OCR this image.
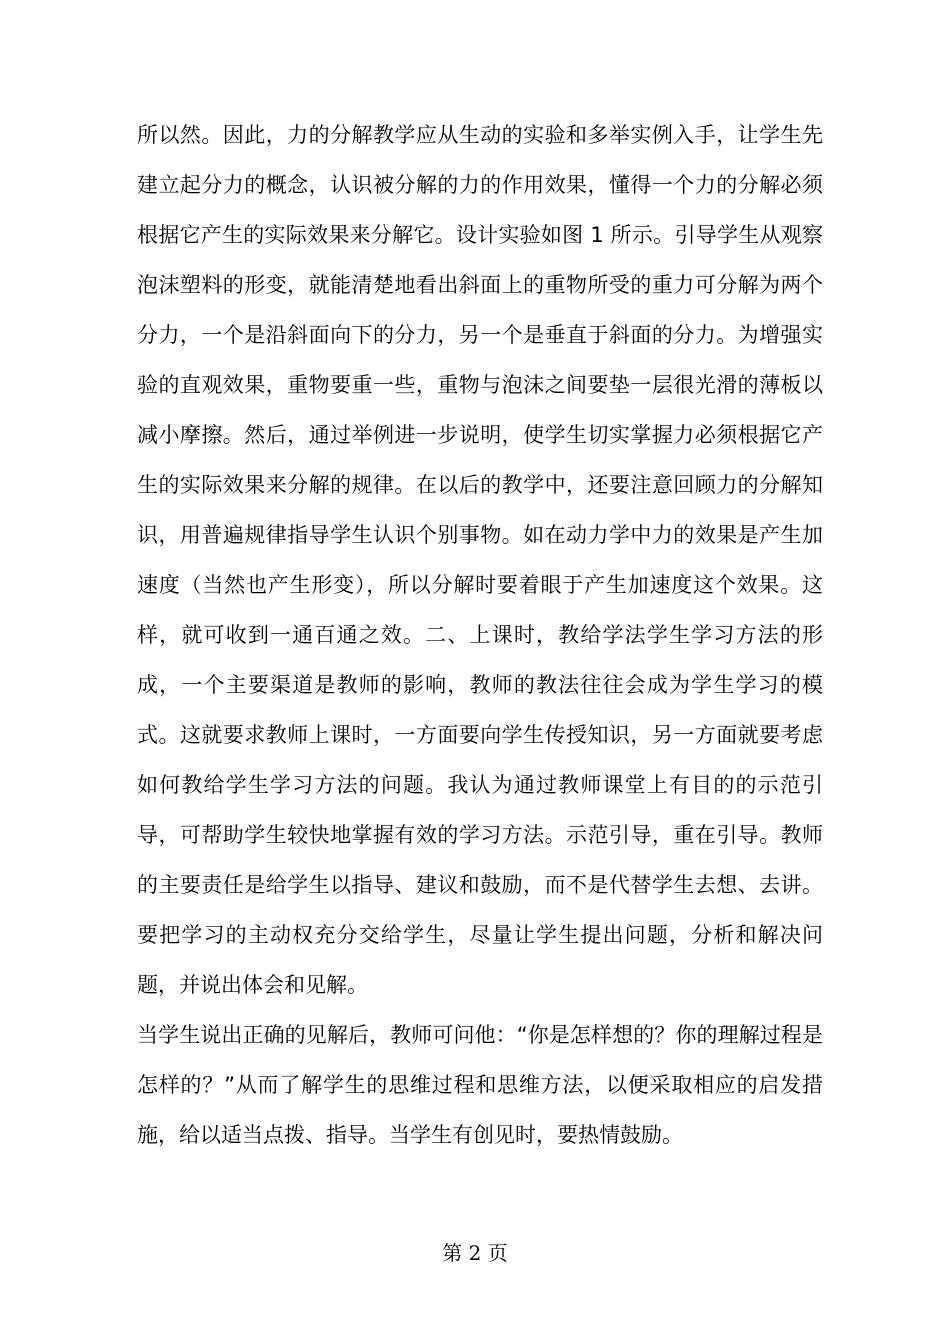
所以然。因此，力的分解教学应从生动的实验和多举实例入手，让学生先建立起分力的概念，认识被分解的力的作用效果，懂得一个力的分解必须根据它产生的实际效果来分解它。设计实验如图 1 所示。引导学生从观察泡沫塑料的形变，就能清楚地看出斜面上的重物所受的重力可分解为两个分力，一个是沿斜面向下的分力，另一个是垂直于斜面的分力。为增强实验的直观效果，重物要重一些，重物与泡沫之间要垫一层很光滑的薄板以减小摩擦。然后，通过举例进一步说明，使学生切实掌握力必须根据它产生的实际效果来分解的规律。在以后的教学中，还要注意回顾力的分解知识，用普遍规律指导学生认识个别事物。如在动力学中力的效果是产生加速度（当然也产生形变），所以分解时要着眼于产生加速度这个效果。这样，就可收到一通百通之效。二、上课时，教给学法学生学习方法的形成，一个主要渠道是教师的影响，教师的教法往往会成为学生学习的模式。这就要求教师上课时，一方面要向学生传授知识，另一方面就要考虑如何教给学生学习方法的问题。我认为通过教师课堂上有目的的示范引导，可帮助学生较快地掌握有效的学习方法。示范引导，重在引导。教师的主要责任是给学生以指导、建议和鼓励，而不是代替学生去想、去讲。要把学习的主动权充分交给学生，尽量让学生提出问题，分析和解决问题，并说出体会和见解。

当学生说出正确的见解后，教师可问他：“你是怎样想的？你的理解过程是怎样的？”从而了解学生的思维过程和思维方法，以便采取相应的启发措施，给以适当点拨、指导。当学生有创见时，要热情鼓励。

第 2 页
